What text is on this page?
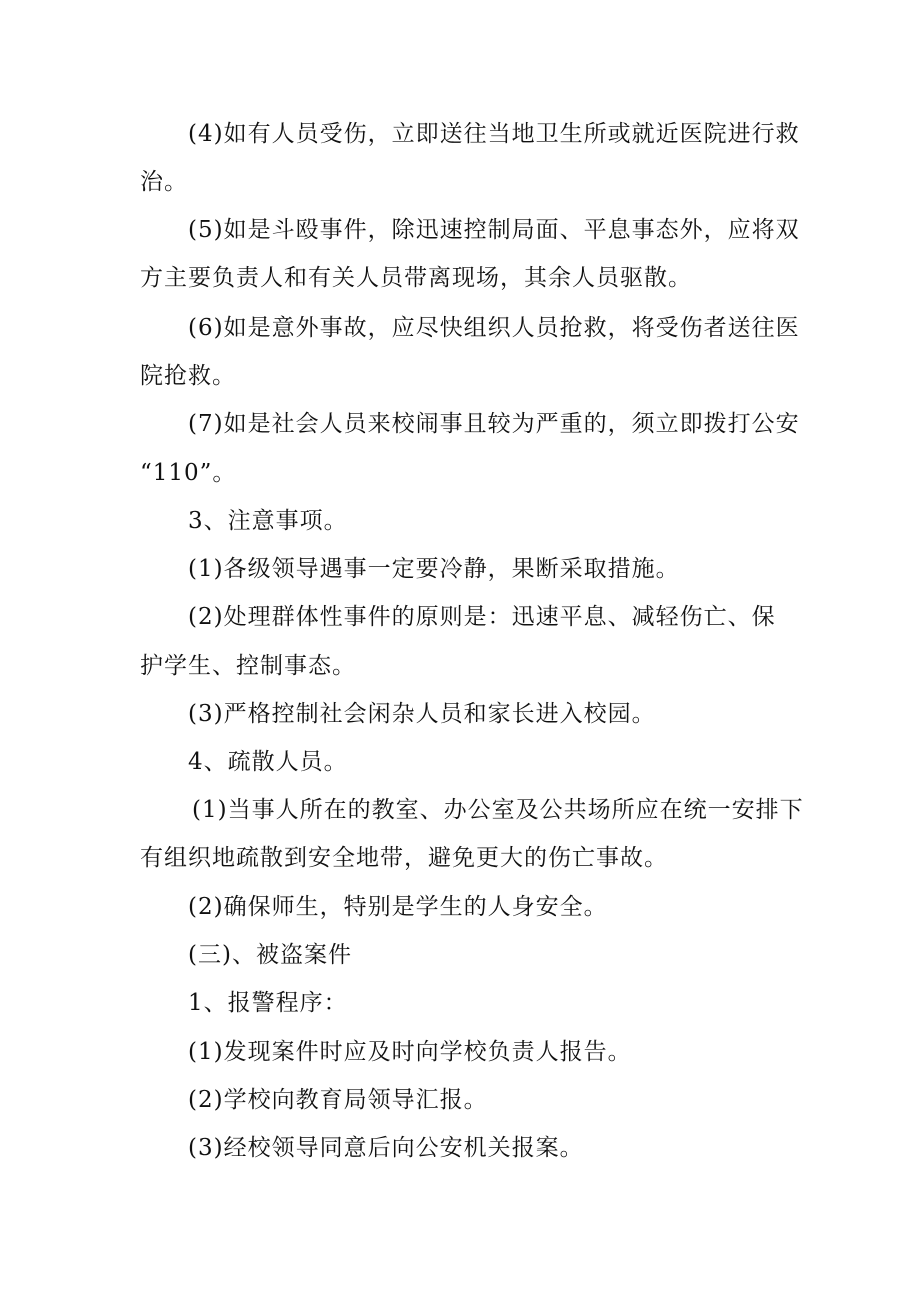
(4)如有人员受伤，立即送往当地卫生所或就近医院进行救
治。
(5)如是斗殴事件，除迅速控制局面、平息事态外，应将双
方主要负责人和有关人员带离现场，其余人员驱散。
(6)如是意外事故，应尽快组织人员抢救，将受伤者送往医
院抢救。
(7)如是社会人员来校闹事且较为严重的，须立即拨打公安
“110”。
3、注意事项。
(1)各级领导遇事一定要冷静，果断采取措施。
(2)处理群体性事件的原则是：迅速平息、减轻伤亡、保
护学生、控制事态。
(3)严格控制社会闲杂人员和家长进入校园。
4、疏散人员。
(1)当事人所在的教室、办公室及公共场所应在统一安排下
有组织地疏散到安全地带，避免更大的伤亡事故。
(2)确保师生，特别是学生的人身安全。
(三)、被盗案件
1、报警程序：
(1)发现案件时应及时向学校负责人报告。
(2)学校向教育局领导汇报。
(3)经校领导同意后向公安机关报案。
